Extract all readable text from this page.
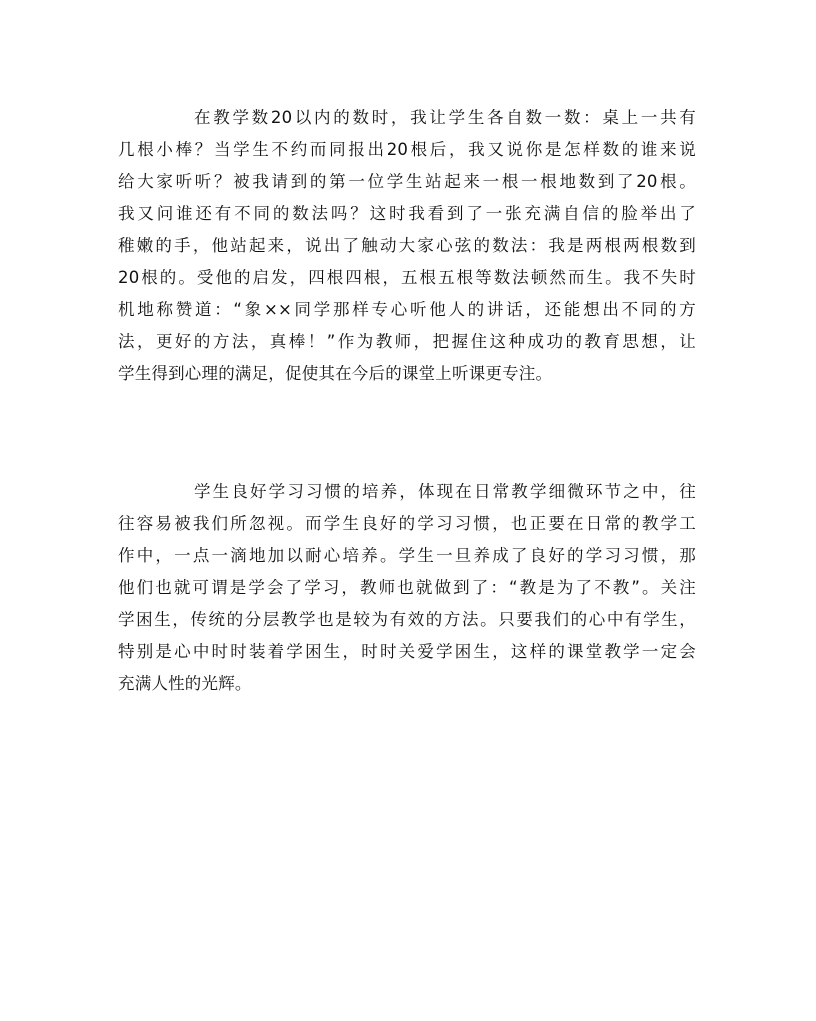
在教学数20以内的数时，我让学生各自数一数：桌上一共有
几根小棒？当学生不约而同报出20根后，我又说你是怎样数的谁来说
给大家听听？被我请到的第一位学生站起来一根一根地数到了20根。
我又问谁还有不同的数法吗？这时我看到了一张充满自信的脸举出了
稚嫩的手，他站起来，说出了触动大家心弦的数法：我是两根两根数到
20根的。受他的启发，四根四根，五根五根等数法顿然而生。我不失时
机地称赞道：“象××同学那样专心听他人的讲话，还能想出不同的方
法，更好的方法，真棒！”作为教师，把握住这种成功的教育思想，让
学生得到心理的满足，促使其在今后的课堂上听课更专注。
学生良好学习习惯的培养，体现在日常教学细微环节之中，往
往容易被我们所忽视。而学生良好的学习习惯，也正要在日常的教学工
作中，一点一滴地加以耐心培养。学生一旦养成了良好的学习习惯，那
他们也就可谓是学会了学习，教师也就做到了：“教是为了不教”。关注
学困生，传统的分层教学也是较为有效的方法。只要我们的心中有学生，
特别是心中时时装着学困生，时时关爱学困生，这样的课堂教学一定会
充满人性的光辉。
